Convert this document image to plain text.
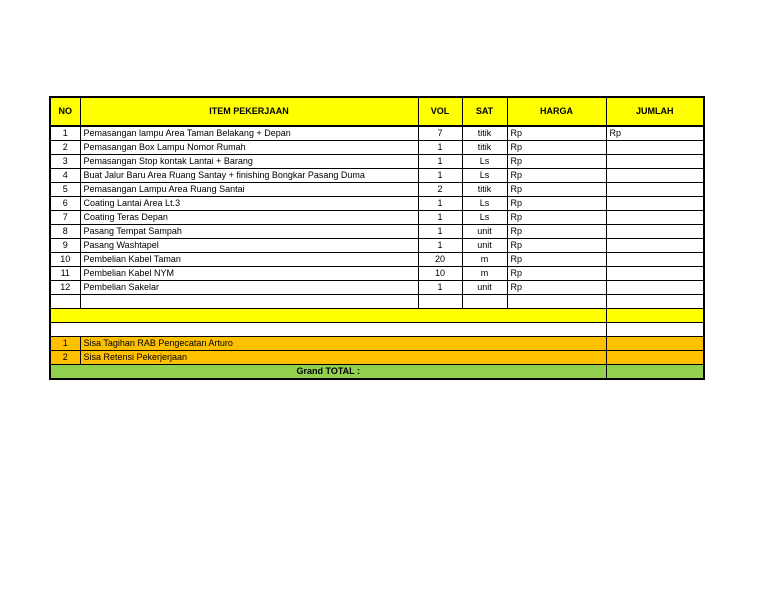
NO	ITEM PEKERJAAN	VOL	SAT	HARGA	JUMLAH
1	Pemasangan lampu Area Taman Belakang + Depan	7	titik	Rp	Rp
2	Pemasangan Box Lampu Nomor Rumah	1	titik	Rp	
3	Pemasangan Stop kontak Lantai + Barang	1	Ls	Rp	
4	Buat Jalur Baru Area Ruang Santay + finishing Bongkar Pasang Duma	1	Ls	Rp	
5	Pemasangan Lampu Area Ruang Santai	2	titik	Rp	
6	Coating Lantai Area Lt.3	1	Ls	Rp	
7	Coating Teras Depan	1	Ls	Rp	
8	Pasang Tempat Sampah	1	unit	Rp	
9	Pasang Washtapel	1	unit	Rp	
10	Pembelian Kabel Taman	20	m	Rp	
11	Pembelian Kabel NYM	10	m	Rp	
12	Pembelian Sakelar	1	unit	Rp	

1	Sisa Tagihan RAB Pengecatan Arturo				
2	Sisa Retensi Pekerjerjaan				
Grand TOTAL :					
